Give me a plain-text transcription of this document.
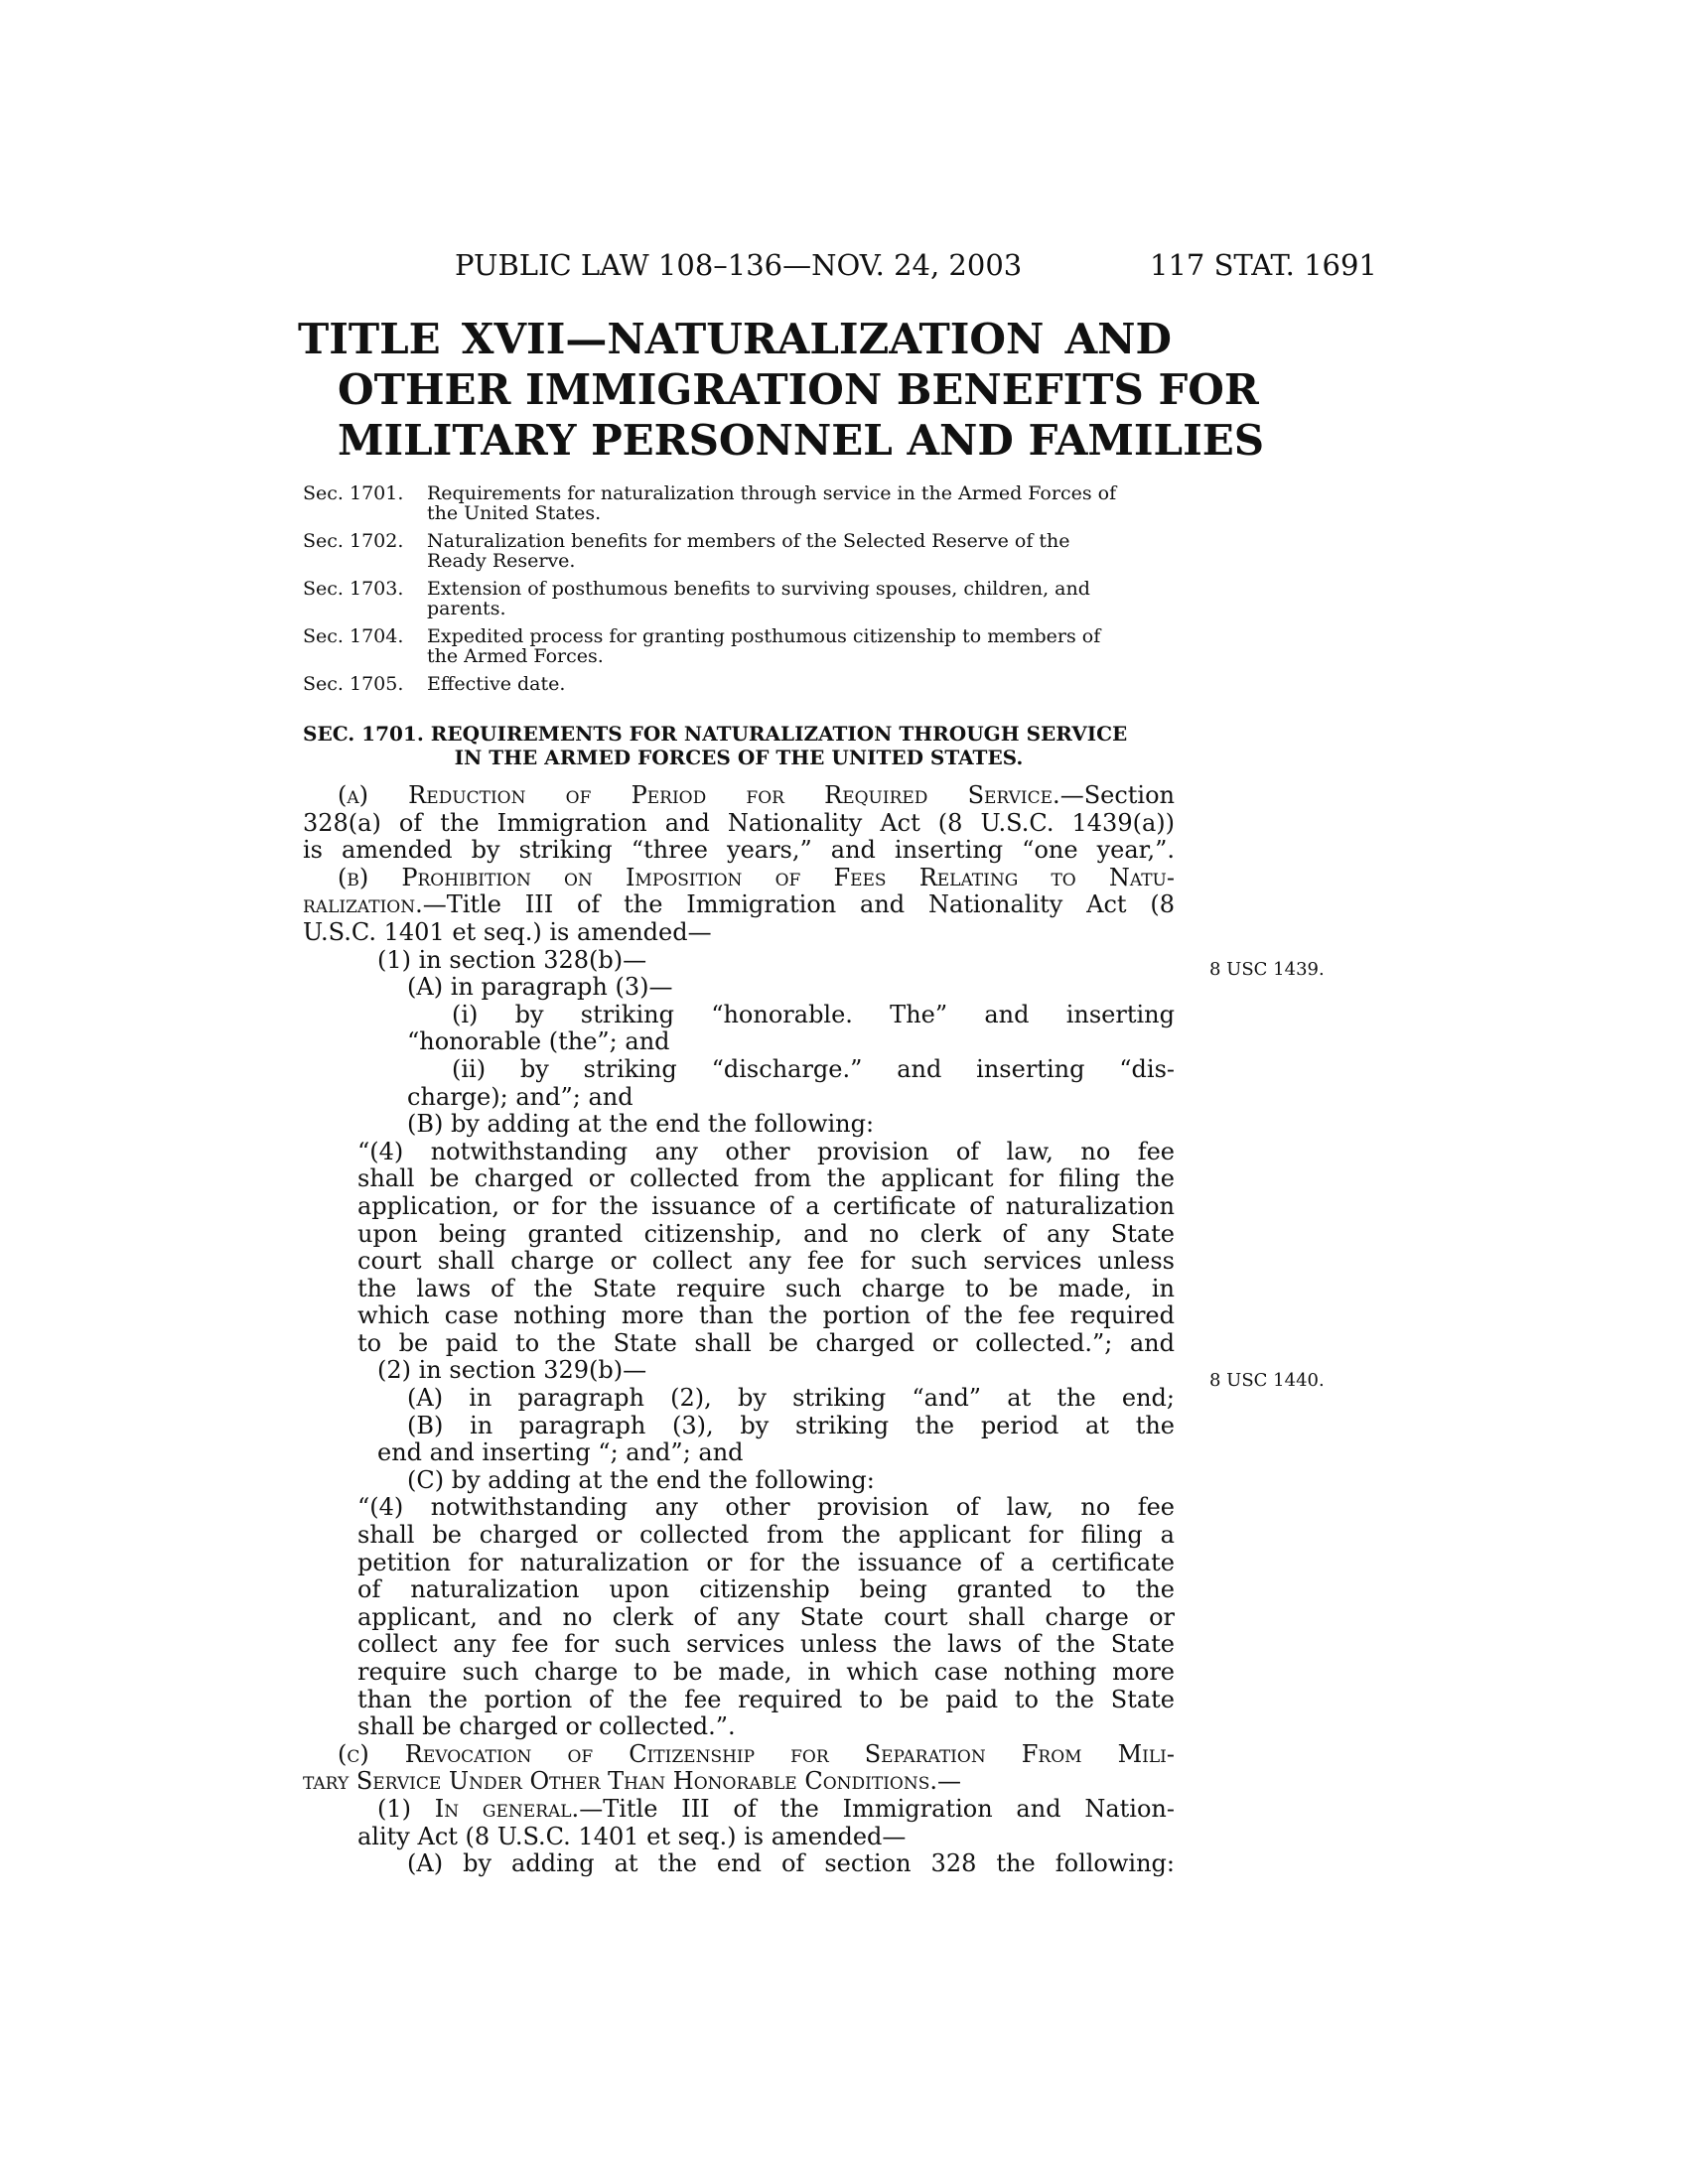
PUBLIC LAW 108–136—NOV. 24, 2003	117 STAT. 1691
TITLE XVII—NATURALIZATION AND
OTHER IMMIGRATION BENEFITS FOR
MILITARY PERSONNEL AND FAMILIES
Sec. 1701.	Requirements for naturalization through service in the Armed Forces of
the United States.
Sec. 1702.	Naturalization benefits for members of the Selected Reserve of the
Ready Reserve.
Sec. 1703.	Extension of posthumous benefits to surviving spouses, children, and
parents.
Sec. 1704.	Expedited process for granting posthumous citizenship to members of
the Armed Forces.
Sec. 1705.	Effective date.
SEC. 1701. REQUIREMENTS FOR NATURALIZATION THROUGH SERVICE
IN THE ARMED FORCES OF THE UNITED STATES.
8 USC 1439.
8 USC 1440.
(a) Reduction of Period for Required Service.—Section
328(a) of the Immigration and Nationality Act (8 U.S.C. 1439(a))
is amended by striking “three years,” and inserting “one year,”.
(b) Prohibition on Imposition of Fees Relating to Natu-
ralization.—Title III of the Immigration and Nationality Act (8
U.S.C. 1401 et seq.) is amended—
(1) in section 328(b)—
(A) in paragraph (3)—
(i) by striking “honorable. The” and inserting
“honorable (the”; and
(ii) by striking “discharge.” and inserting “dis-
charge); and”; and
(B) by adding at the end the following:
“(4) notwithstanding any other provision of law, no fee
shall be charged or collected from the applicant for filing the
application, or for the issuance of a certificate of naturalization
upon being granted citizenship, and no clerk of any State
court shall charge or collect any fee for such services unless
the laws of the State require such charge to be made, in
which case nothing more than the portion of the fee required
to be paid to the State shall be charged or collected.”; and
(2) in section 329(b)—
(A) in paragraph (2), by striking “and” at the end;
(B) in paragraph (3), by striking the period at the
end and inserting “; and”; and
(C) by adding at the end the following:
“(4) notwithstanding any other provision of law, no fee
shall be charged or collected from the applicant for filing a
petition for naturalization or for the issuance of a certificate
of naturalization upon citizenship being granted to the
applicant, and no clerk of any State court shall charge or
collect any fee for such services unless the laws of the State
require such charge to be made, in which case nothing more
than the portion of the fee required to be paid to the State
shall be charged or collected.”.
(c) Revocation of Citizenship for Separation From Mili-
tary Service Under Other Than Honorable Conditions.—
(1) In general.—Title III of the Immigration and Nation-
ality Act (8 U.S.C. 1401 et seq.) is amended—
(A) by adding at the end of section 328 the following:
